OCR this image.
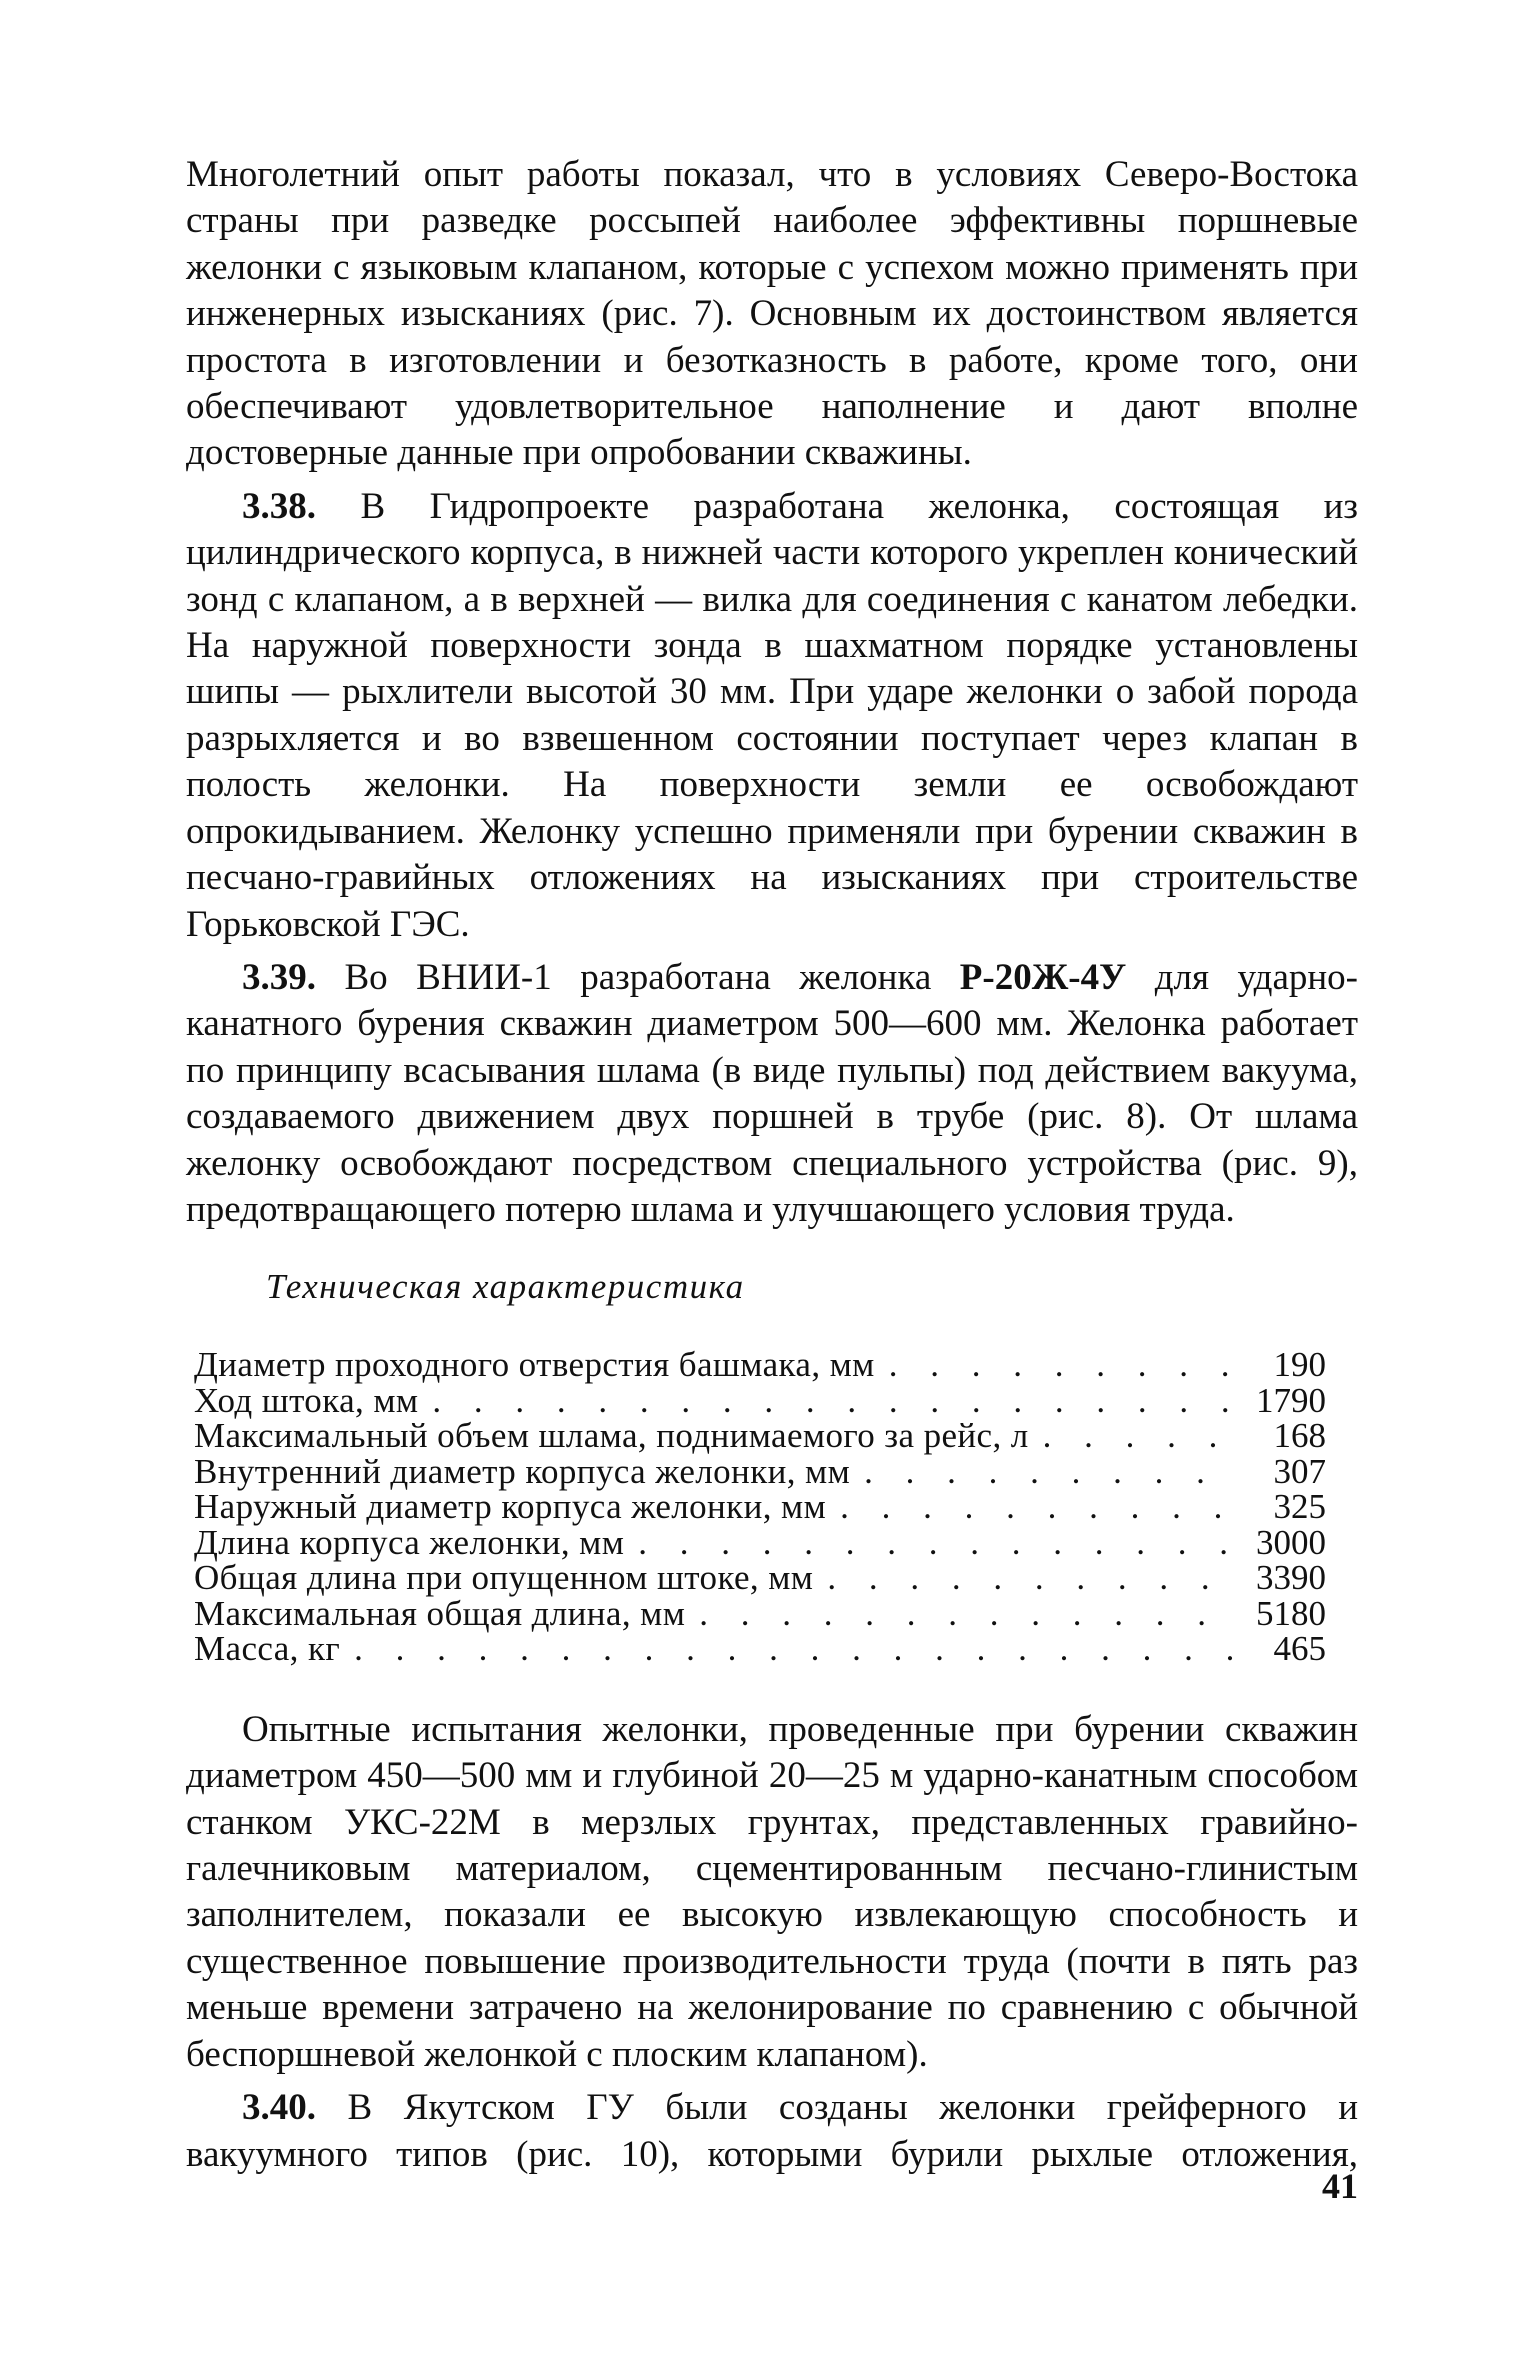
Многолетний опыт работы показал, что в условиях Северо-Востока страны при разведке россыпей наиболее эффективны поршневые желонки с языковым клапаном, которые с успехом можно применять при инженерных изысканиях (рис. 7). Основным их достоинством является простота в изготовлении и безотказность в работе, кроме того, они обеспечивают удовлетворительное наполнение и дают вполне достоверные данные при опробовании скважины.

3.38. В Гидропроекте разработана желонка, состоящая из цилиндрического корпуса, в нижней части которого укреплен конический зонд с клапаном, а в верхней — вилка для соединения с канатом лебедки. На наружной поверхности зонда в шахматном порядке установлены шипы — рыхлители высотой 30 мм. При ударе желонки о забой порода разрыхляется и во взвешенном состоянии поступает через клапан в полость желонки. На поверхности земли ее освобождают опрокидыванием. Желонку успешно применяли при бурении скважин в песчано-гравийных отложениях на изысканиях при строительстве Горьковской ГЭС.

3.39. Во ВНИИ-1 разработана желонка Р-20Ж-4У для ударно-канатного бурения скважин диаметром 500—600 мм. Желонка работает по принципу всасывания шлама (в виде пульпы) под действием вакуума, создаваемого движением двух поршней в трубе (рис. 8). От шлама желонку освобождают посредством специального устройства (рис. 9), предотвращающего потерю шлама и улучшающего условия труда.

Техническая характеристика
Диаметр проходного отверстия башмака, мм . . .	190
Ход штока, мм . . .	1790
Максимальный объем шлама, поднимаемого за рейс, л . . .	168
Внутренний диаметр корпуса желонки, мм . . .	307
Наружный диаметр корпуса желонки, мм . . .	325
Длина корпуса желонки, мм . . .	3000
Общая длина при опущенном штоке, мм . . .	3390
Максимальная общая длина, мм . . .	5180
Масса, кг . . .	465

Опытные испытания желонки, проведенные при бурении скважин диаметром 450—500 мм и глубиной 20—25 м ударно-канатным способом станком УКС-22М в мерзлых грунтах, представленных гравийно-галечниковым материалом, сцементированным песчано-глинистым заполнителем, показали ее высокую извлекающую способность и существенное повышение производительности труда (почти в пять раз меньше времени затрачено на желонирование по сравнению с обычной беспоршневой желонкой с плоским клапаном).

3.40. В Якутском ГУ были созданы желонки грейферного и вакуумного типов (рис. 10), которыми бурили рыхлые отложения,

41
